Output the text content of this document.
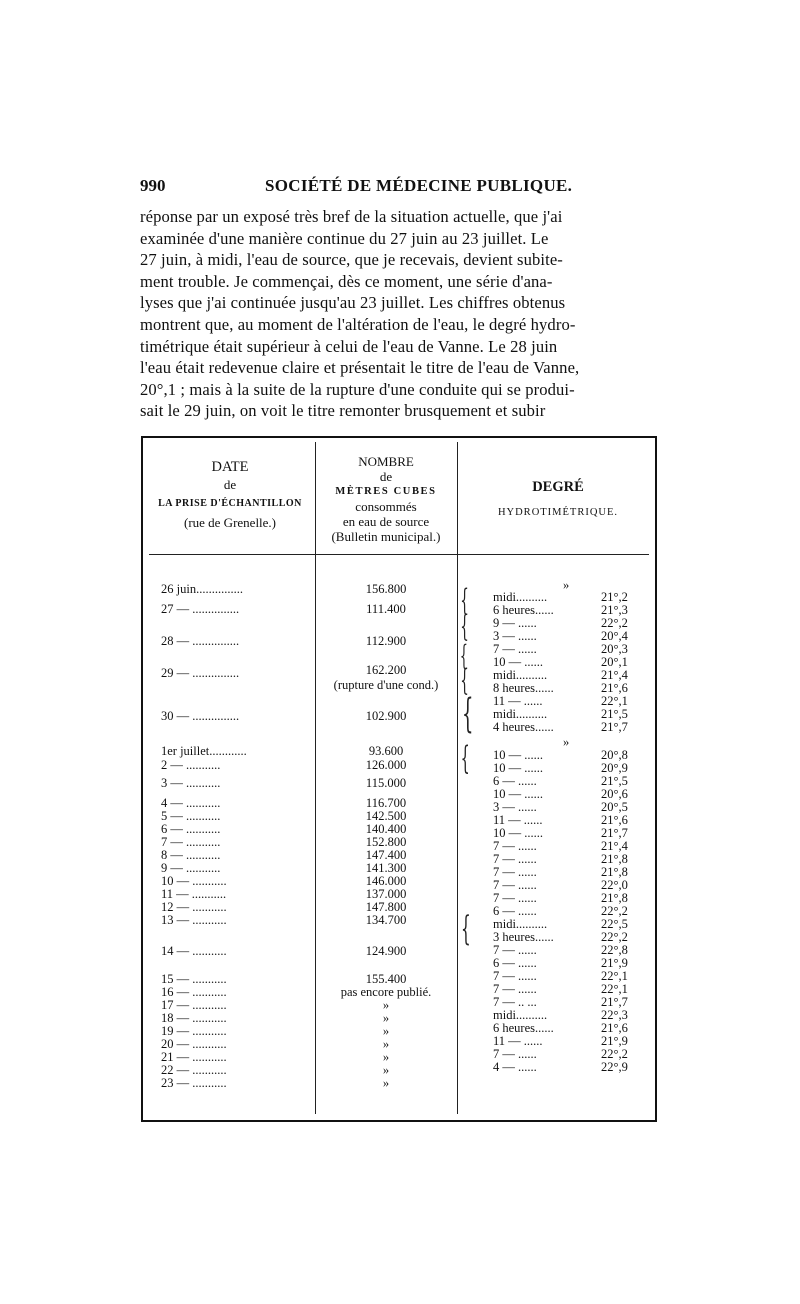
990	SOCIÉTÉ DE MÉDECINE PUBLIQUE.
réponse par un exposé très bref de la situation actuelle, que j'ai
examinée d'une manière continue du 27 juin au 23 juillet. Le
27 juin, à midi, l'eau de source, que je recevais, devient subite-
ment trouble. Je commençai, dès ce moment, une série d'ana-
lyses que j'ai continuée jusqu'au 23 juillet. Les chiffres obtenus
montrent que, au moment de l'altération de l'eau, le degré hydro-
timétrique était supérieur à celui de l'eau de Vanne. Le 28 juin
l'eau était redevenue claire et présentait le titre de l'eau de Vanne,
20°,1 ; mais à la suite de la rupture d'une conduite qui se produi-
sait le 29 juin, on voit le titre remonter brusquement et subir
DATE
de
LA PRISE D'ÉCHANTILLON
(rue de Grenelle.)
NOMBRE
de
MÈTRES CUBES
consommés
en eau de source
(Bulletin municipal.)
DEGRÉ
HYDROTIMÉTRIQUE.
26 juin...............
27 — ...............
28 — ...............
29 — ...............
30 — ...............
1er juillet............
2 — ...........
3 — ...........
4 — ...........
5 — ...........
6 — ...........
7 — ...........
8 — ...........
9 — ...........
10 — ...........
11 — ...........
12 — ...........
13 — ...........
14 — ...........
15 — ...........
16 — ...........
17 — ...........
18 — ...........
19 — ...........
20 — ...........
21 — ...........
22 — ...........
23 — ...........
156.800
111.400
112.900
162.200
(rupture d'une cond.)
102.900
93.600
126.000
115.000
116.700
142.500
140.400
152.800
147.400
141.300
146.000
137.000
147.800
134.700
124.900
155.400
pas encore publié.
»
»
»
»
»
»
»
»
midi..........
6 heures......
9 — ......
3 — ......
7 — ......
10 — ......
midi..........
8 heures......
11 — ......
midi..........
4 heures......
»
10 — ......
10 — ......
6 — ......
10 — ......
3 — ......
11 — ......
10 — ......
7 — ......
7 — ......
7 — ......
7 — ......
7 — ......
6 — ......
midi..........
3 heures......
7 — ......
6 — ......
7 — ......
7 — ......
7 — .. ...
midi..........
6 heures......
11 — ......
7 — ......
4 — ......
21°,2
21°,3
22°,2
20°,4
20°,3
20°,1
21°,4
21°,6
22°,1
21°,5
21°,7
20°,8
20°,9
21°,5
20°,6
20°,5
21°,6
21°,7
21°,4
21°,8
21°,8
22°,0
21°,8
22°,2
22°,5
22°,2
22°,8
21°,9
22°,1
22°,1
21°,7
22°,3
21°,6
21°,9
22°,2
22°,9
{
{
{
{
{
{
{
